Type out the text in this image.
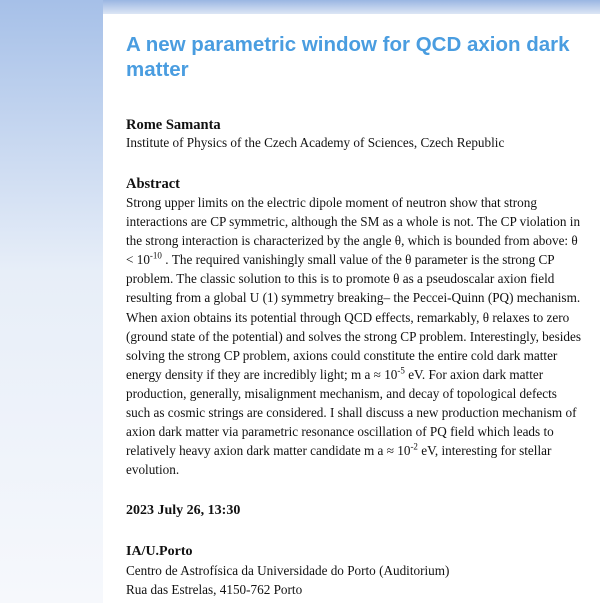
A new parametric window for QCD axion dark matter

Rome Samanta

Institute of Physics of the Czech Academy of Sciences, Czech Republic

Abstract

Strong upper limits on the electric dipole moment of neutron show that strong interactions are CP symmetric, although the SM as a whole is not. The CP violation in the strong interaction is characterized by the angle θ, which is bounded from above: $\theta < 10^{-10}$ . The required vanishingly small value of the θ parameter is the strong CP problem. The classic solution to this is to promote θ as a pseudoscalar axion field resulting from a global U (1) symmetry breaking– the Peccei-Quinn (PQ) mechanism. When axion obtains its potential through QCD effects, remarkably, θ relaxes to zero (ground state of the potential) and solves the strong CP problem. Interestingly, besides solving the strong CP problem, axions could constitute the entire cold dark matter energy density if they are incredibly light; m $a \approx 10^{-5}$ eV. For axion dark matter production, generally, misalignment mechanism, and decay of topological defects such as cosmic strings are considered. I shall discuss a new production mechanism of axion dark matter via parametric resonance oscillation of PQ field which leads to relatively heavy axion dark matter candidate m $a \approx 10^{-2}$ eV, interesting for stellar evolution.

2023 July 26, 13:30

IA/U.Porto

Centro de Astrofísica da Universidade do Porto (Auditorium)

Rua das Estrelas, 4150-762 Porto
